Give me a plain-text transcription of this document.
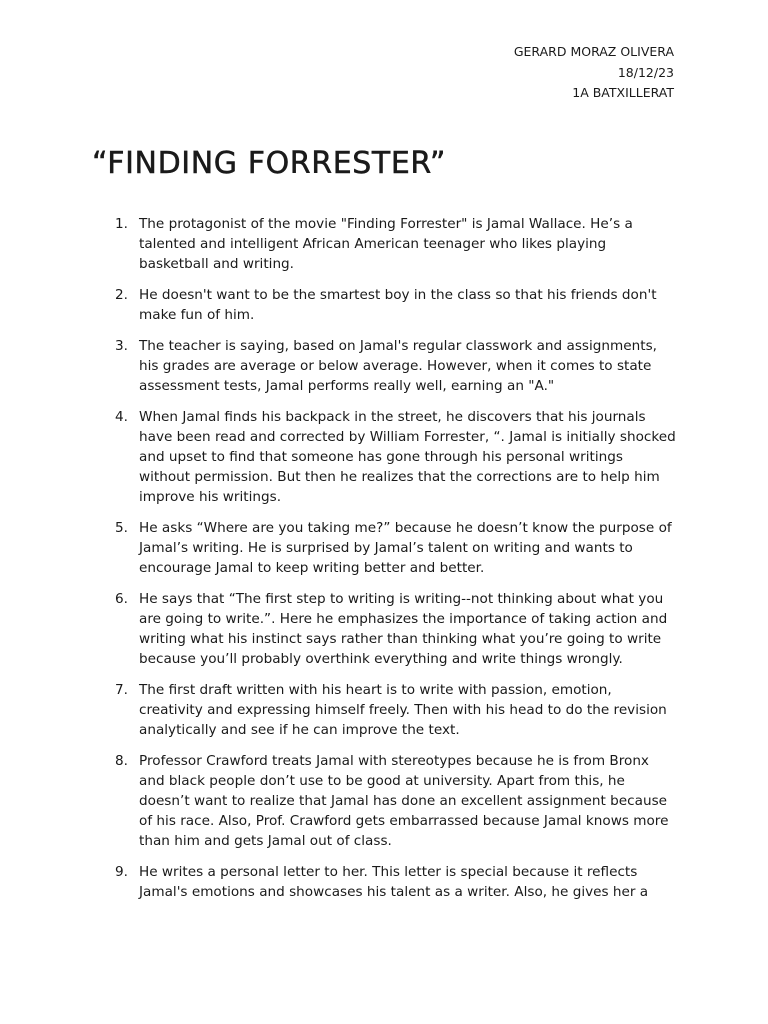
GERARD MORAZ OLIVERA
18/12/23
1A BATXILLERAT
“FINDING FORRESTER”
1. The protagonist of the movie "Finding Forrester" is Jamal Wallace. He’s a talented and intelligent African American teenager who likes playing basketball and writing.
2. He doesn't want to be the smartest boy in the class so that his friends don't make fun of him.
3. The teacher is saying, based on Jamal's regular classwork and assignments, his grades are average or below average. However, when it comes to state assessment tests, Jamal performs really well, earning an "A."
4. When Jamal finds his backpack in the street, he discovers that his journals have been read and corrected by William Forrester, “. Jamal is initially shocked and upset to find that someone has gone through his personal writings without permission. But then he realizes that the corrections are to help him improve his writings.
5. He asks “Where are you taking me?” because he doesn’t know the purpose of Jamal’s writing. He is surprised by Jamal’s talent on writing and wants to encourage Jamal to keep writing better and better.
6. He says that “The first step to writing is writing--not thinking about what you are going to write.”. Here he emphasizes the importance of taking action and writing what his instinct says rather than thinking what you’re going to write because you’ll probably overthink everything and write things wrongly.
7. The first draft written with his heart is to write with passion, emotion, creativity and expressing himself freely. Then with his head to do the revision analytically and see if he can improve the text.
8. Professor Crawford treats Jamal with stereotypes because he is from Bronx and black people don’t use to be good at university. Apart from this, he doesn’t want to realize that Jamal has done an excellent assignment because of his race. Also, Prof. Crawford gets embarrassed because Jamal knows more than him and gets Jamal out of class.
9. He writes a personal letter to her. This letter is special because it reflects Jamal's emotions and showcases his talent as a writer. Also, he gives her a
